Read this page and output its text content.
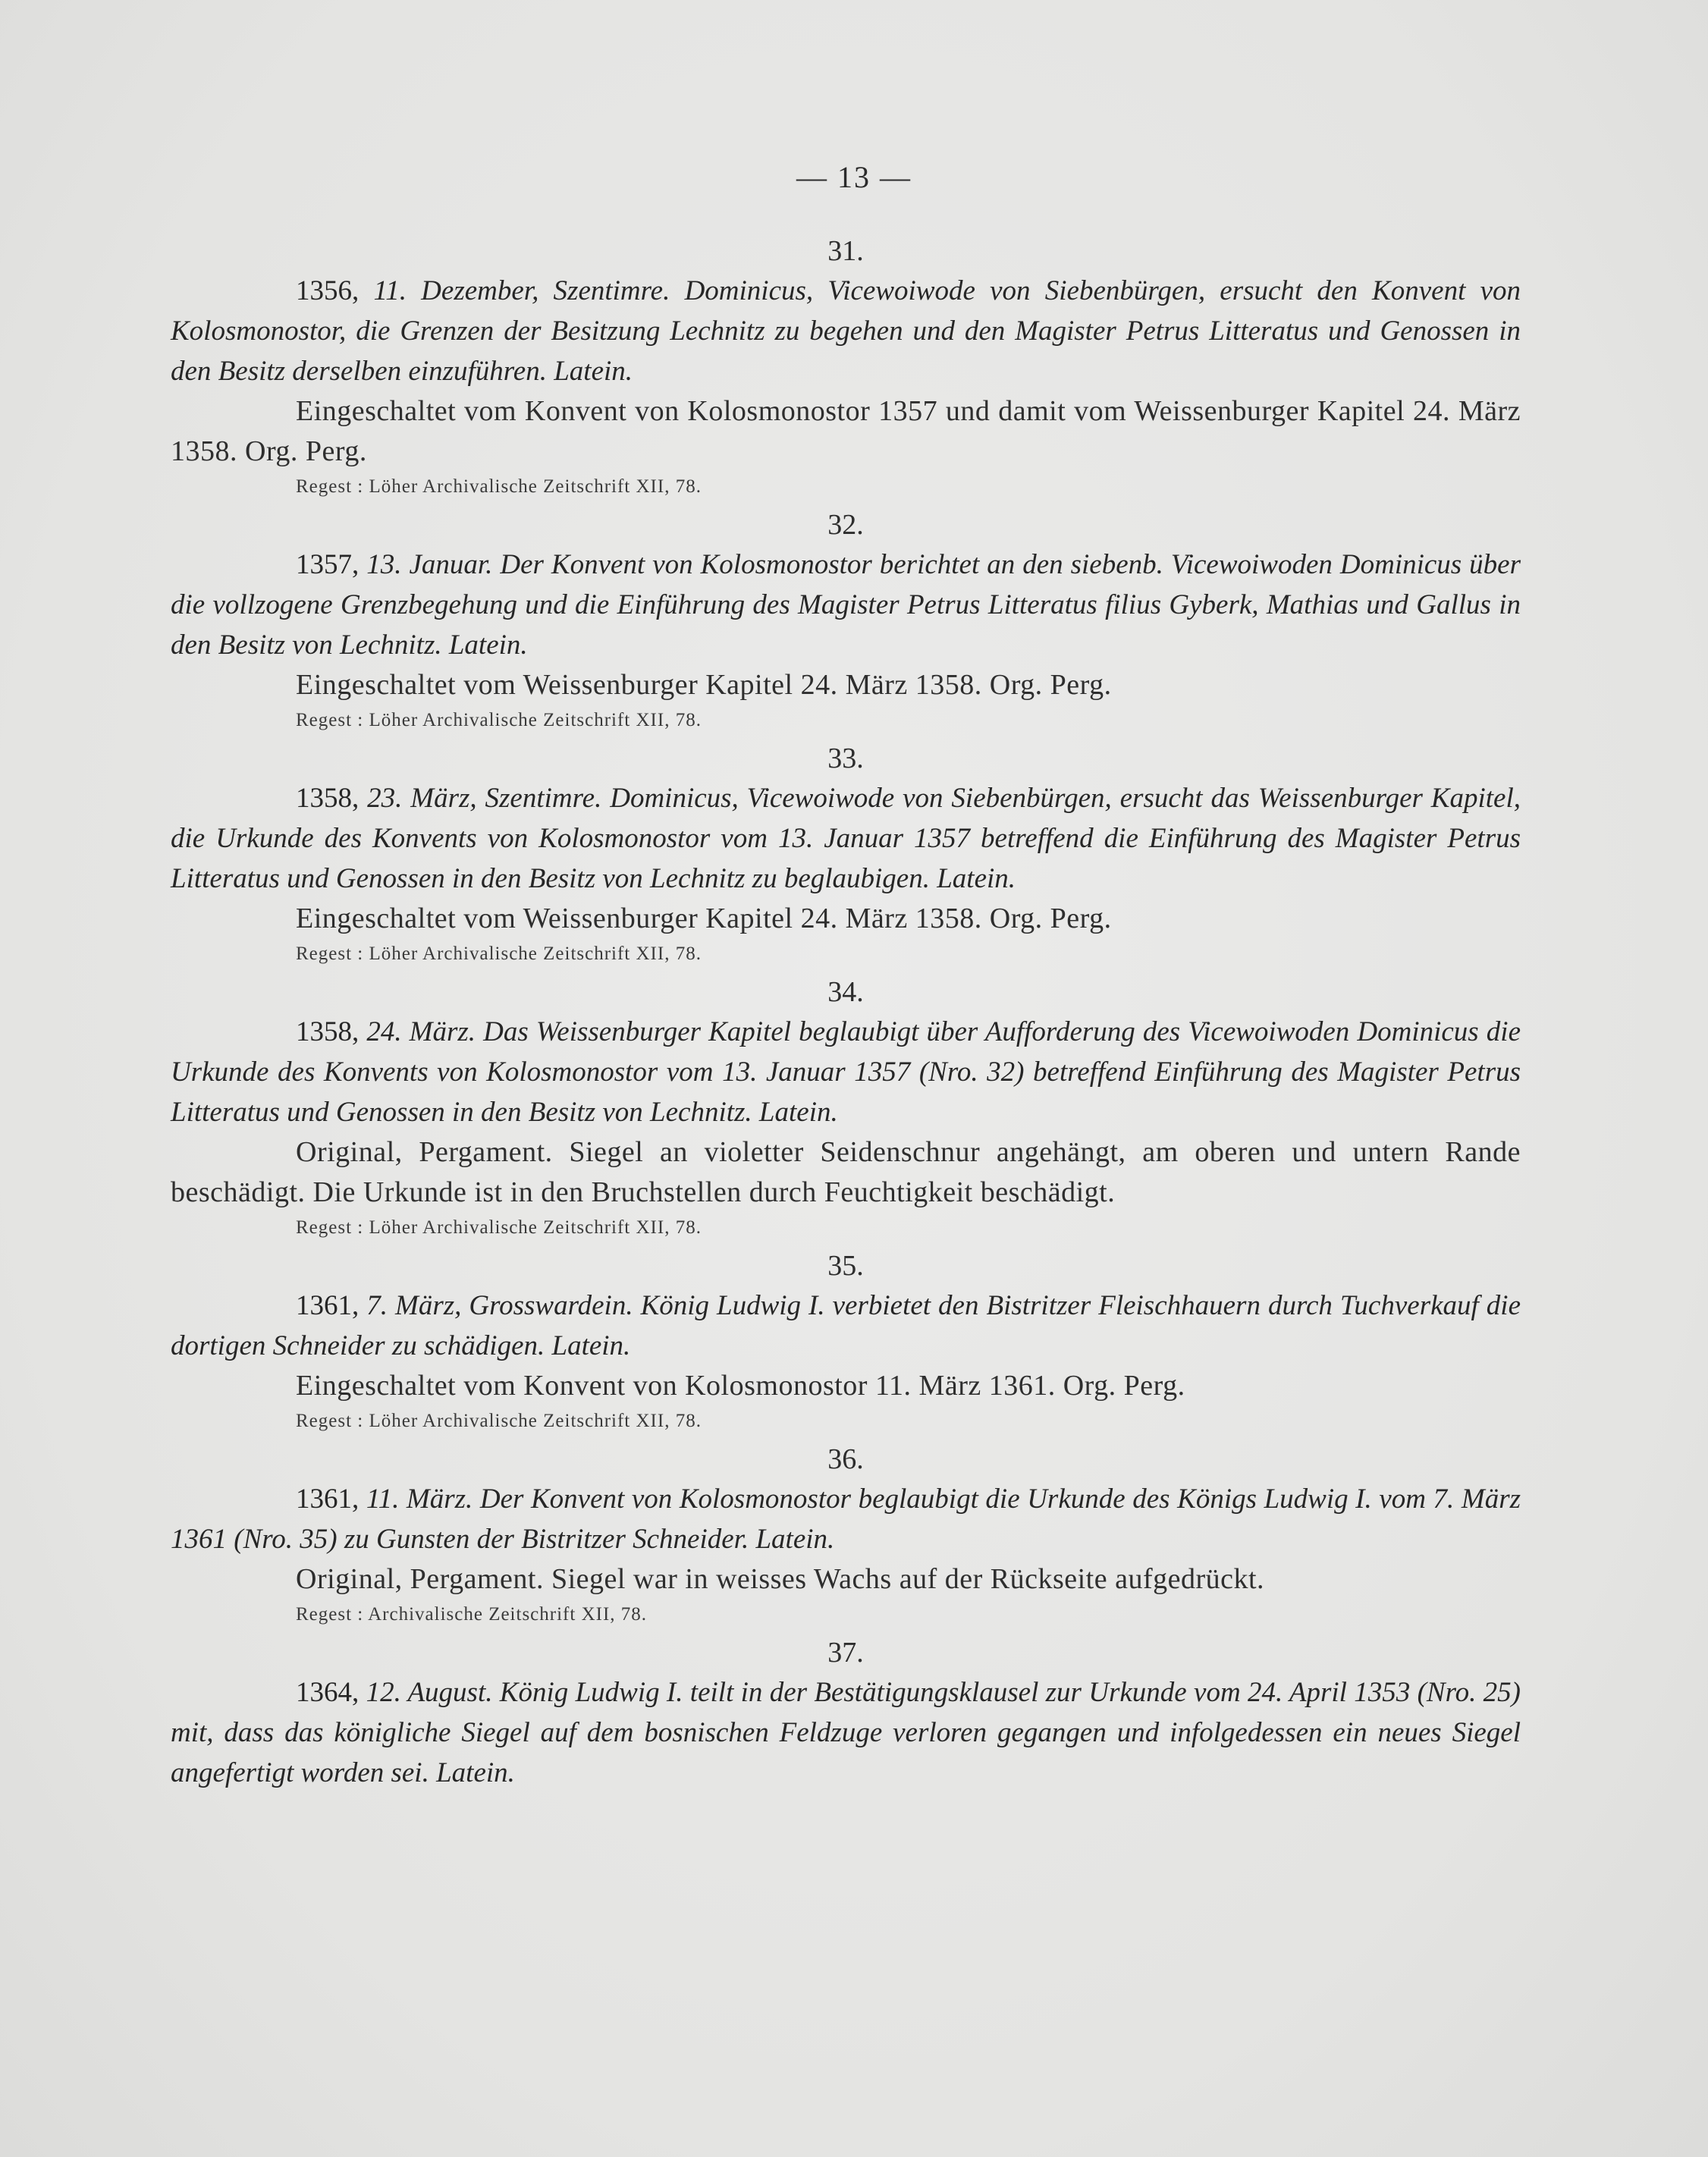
— 13 —

31.

1356, 11. Dezember, Szentimre. Dominicus, Vicewoiwode von Siebenbürgen, ersucht den Konvent von Kolosmonostor, die Grenzen der Besitzung Lechnitz zu begehen und den Magister Petrus Litteratus und Genossen in den Besitz derselben einzuführen. Latein.

Eingeschaltet vom Konvent von Kolosmonostor 1357 und damit vom Weissenburger Kapitel 24. März 1358. Org. Perg.

Regest : Löher Archivalische Zeitschrift XII, 78.

32.

1357, 13. Januar. Der Konvent von Kolosmonostor berichtet an den siebenb. Vicewoiwoden Dominicus über die vollzogene Grenzbegehung und die Einführung des Magister Petrus Litteratus filius Gyberk, Mathias und Gallus in den Besitz von Lechnitz. Latein.

Eingeschaltet vom Weissenburger Kapitel 24. März 1358. Org. Perg.

Regest : Löher Archivalische Zeitschrift XII, 78.

33.

1358, 23. März, Szentimre. Dominicus, Vicewoiwode von Siebenbürgen, ersucht das Weissenburger Kapitel, die Urkunde des Konvents von Kolosmonostor vom 13. Januar 1357 betreffend die Einführung des Magister Petrus Litteratus und Genossen in den Besitz von Lechnitz zu beglaubigen. Latein.

Eingeschaltet vom Weissenburger Kapitel 24. März 1358. Org. Perg.

Regest : Löher Archivalische Zeitschrift XII, 78.

34.

1358, 24. März. Das Weissenburger Kapitel beglaubigt über Aufforderung des Vicewoiwoden Dominicus die Urkunde des Konvents von Kolosmonostor vom 13. Januar 1357 (Nro. 32) betreffend Einführung des Magister Petrus Litteratus und Genossen in den Besitz von Lechnitz. Latein.

Original, Pergament. Siegel an violetter Seidenschnur angehängt, am oberen und untern Rande beschädigt. Die Urkunde ist in den Bruchstellen durch Feuchtigkeit beschädigt.

Regest : Löher Archivalische Zeitschrift XII, 78.

35.

1361, 7. März, Grosswardein. König Ludwig I. verbietet den Bistritzer Fleischhauern durch Tuchverkauf die dortigen Schneider zu schädigen. Latein.

Eingeschaltet vom Konvent von Kolosmonostor 11. März 1361. Org. Perg.

Regest : Löher Archivalische Zeitschrift XII, 78.

36.

1361, 11. März. Der Konvent von Kolosmonostor beglaubigt die Urkunde des Königs Ludwig I. vom 7. März 1361 (Nro. 35) zu Gunsten der Bistritzer Schneider. Latein.

Original, Pergament. Siegel war in weisses Wachs auf der Rückseite aufgedrückt.

Regest : Archivalische Zeitschrift XII, 78.

37.

1364, 12. August. König Ludwig I. teilt in der Bestätigungsklausel zur Urkunde vom 24. April 1353 (Nro. 25) mit, dass das königliche Siegel auf dem bosnischen Feldzuge verloren gegangen und infolgedessen ein neues Siegel angefertigt worden sei. Latein.
